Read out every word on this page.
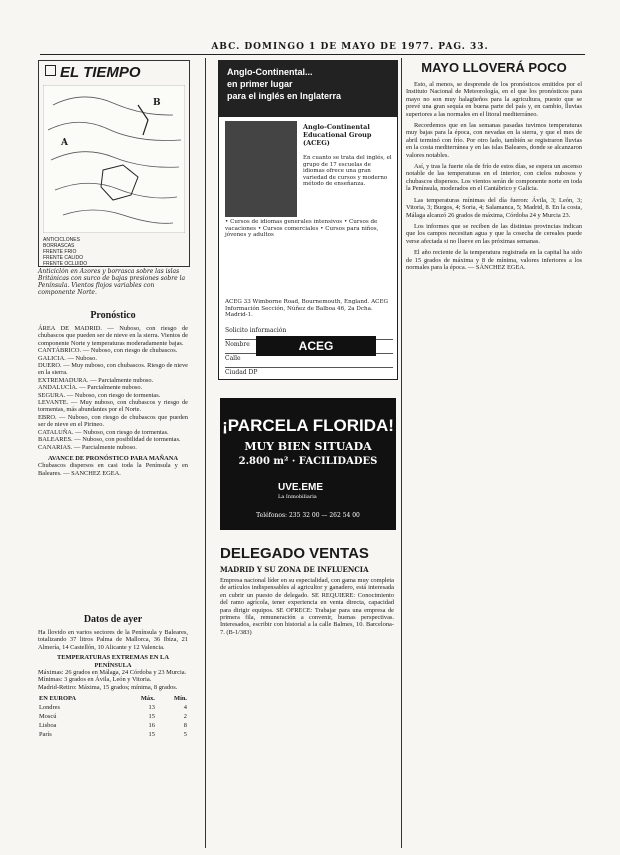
ABC. DOMINGO 1 DE MAYO DE 1977. PAG. 33.
EL TIEMPO
A
B
ANTICICLONES
BORRASCAS
FRENTE FRIO
FRENTE CALIDO
FRENTE OCLUIDO
Anticiclón en Azores y borrasca sobre las islas Británicas con surco de bajas presiones sobre la Península. Vientos flojos variables con componente Norte.
Pronóstico
ÁREA DE MADRID. — Nuboso, con riesgo de chubascos que pueden ser de nieve en la sierra. Vientos de componente Norte y temperaturas moderadamente bajas.
CANTÁBRICO. — Nuboso, con riesgo de chubascos.
GALICIA. — Nuboso.
DUERO. — Muy nuboso, con chubascos. Riesgo de nieve en la sierra.
EXTREMADURA. — Parcialmente nuboso.
ANDALUCÍA. — Parcialmente nuboso.
SEGURA. — Nuboso, con riesgo de tormentas.
LEVANTE. — Muy nuboso, con chubascos y riesgo de tormentas, más abundantes por el Norte.
EBRO. — Nuboso, con riesgo de chubascos que pueden ser de nieve en el Pirineo.
CATALUÑA. — Nuboso, con riesgo de tormentas.
BALEARES. — Nuboso, con posibilidad de tormentas.
CANARIAS. — Parcialmente nuboso.
AVANCE DE PRONÓSTICO PARA MAÑANA
Chubascos dispersos en casi toda la Península y en Baleares. — SANCHEZ EGEA.
Datos de ayer
Ha llovido en varios sectores de la Península y Baleares, totalizando 37 litros Palma de Mallorca, 36 Ibiza, 21 Almería, 14 Castellón, 10 Alicante y 12 Valencia.
TEMPERATURAS EXTREMAS EN LA PENÍNSULA
Máximas: 26 grados en Málaga, 24 Córdoba y 23 Murcia.
Mínimas: 3 grados en Ávila, León y Vitoria.
Madrid-Retiro: Máxima, 15 grados; mínima, 8 grados.
EN EUROPA	Máx.	Mín.
Londres	13	4
Moscú	15	2
Lisboa	16	8
París	15	5
Anglo-Continental...
en primer lugar
para el inglés en Inglaterra
Anglo-Continental Educational Group (ACEG)
En cuanto se trata del inglés, el grupo de 17 escuelas de idiomas ofrece una gran variedad de cursos y moderno método de enseñanza.
• Cursos de idiomas generales intensivos • Cursos de vacaciones • Cursos comerciales • Cursos para niños, jóvenes y adultos
ACEG 33 Wimborne Road, Bournemouth, England. ACEG Información Sección, Núñez de Balboa 46, 2a Dcha. Madrid-1.
Solicito información
Nombre
Calle
Ciudad DP
ACEG
¡PARCELA FLORIDA!
MUY BIEN SITUADA
2.800 m² · FACILIDADES
UVE.EME
La Inmobiliaria
Teléfonos: 235 32 00 — 262 54 00
DELEGADO VENTAS
MADRID Y SU ZONA DE INFLUENCIA
Empresa nacional líder en su especialidad, con gama muy completa de artículos indispensables al agricultor y ganadero, está interesada en cubrir un puesto de delegado. SE REQUIERE: Conocimiento del ramo agrícola, tener experiencia en venta directa, capacidad para dirigir equipos. SE OFRECE: Trabajar para una empresa de primera fila, remuneración a convenir, buenas perspectivas. Interesados, escribir con historial a la calle Balmes, 10. Barcelona-7. (B-1/383)
MAYO LLOVERÁ POCO
Esto, al menos, se desprende de los pronósticos emitidos por el Instituto Nacional de Meteorología, en el que los pronósticos para mayo no son muy halagüeños para la agricultura, puesto que se prevé una gran sequía en buena parte del país y, en cambio, lluvias superiores a las normales en el litoral mediterráneo.
Recordemos que en las semanas pasadas tuvimos temperaturas muy bajas para la época, con nevadas en la sierra, y que el mes de abril terminó con frío. Por otro lado, también se registraron lluvias en la costa mediterránea y en las islas Baleares, donde se alcanzaron valores notables.
Así, y tras la fuerte ola de frío de estos días, se espera un ascenso notable de las temperaturas en el interior, con cielos nubosos y chubascos dispersos. Los vientos serán de componente norte en toda la Península, moderados en el Cantábrico y Galicia.
Las temperaturas mínimas del día fueron: Ávila, 3; León, 3; Vitoria, 3; Burgos, 4; Soria, 4; Salamanca, 5; Madrid, 8. En la costa, Málaga alcanzó 26 grados de máxima, Córdoba 24 y Murcia 23.
Los informes que se reciben de las distintas provincias indican que los campos necesitan agua y que la cosecha de cereales puede verse afectada si no llueve en las próximas semanas.
El año reciente de la temperatura registrada en la capital ha sido de 15 grados de máxima y 8 de mínima, valores inferiores a los normales para la época. — SÁNCHEZ EGEA.
